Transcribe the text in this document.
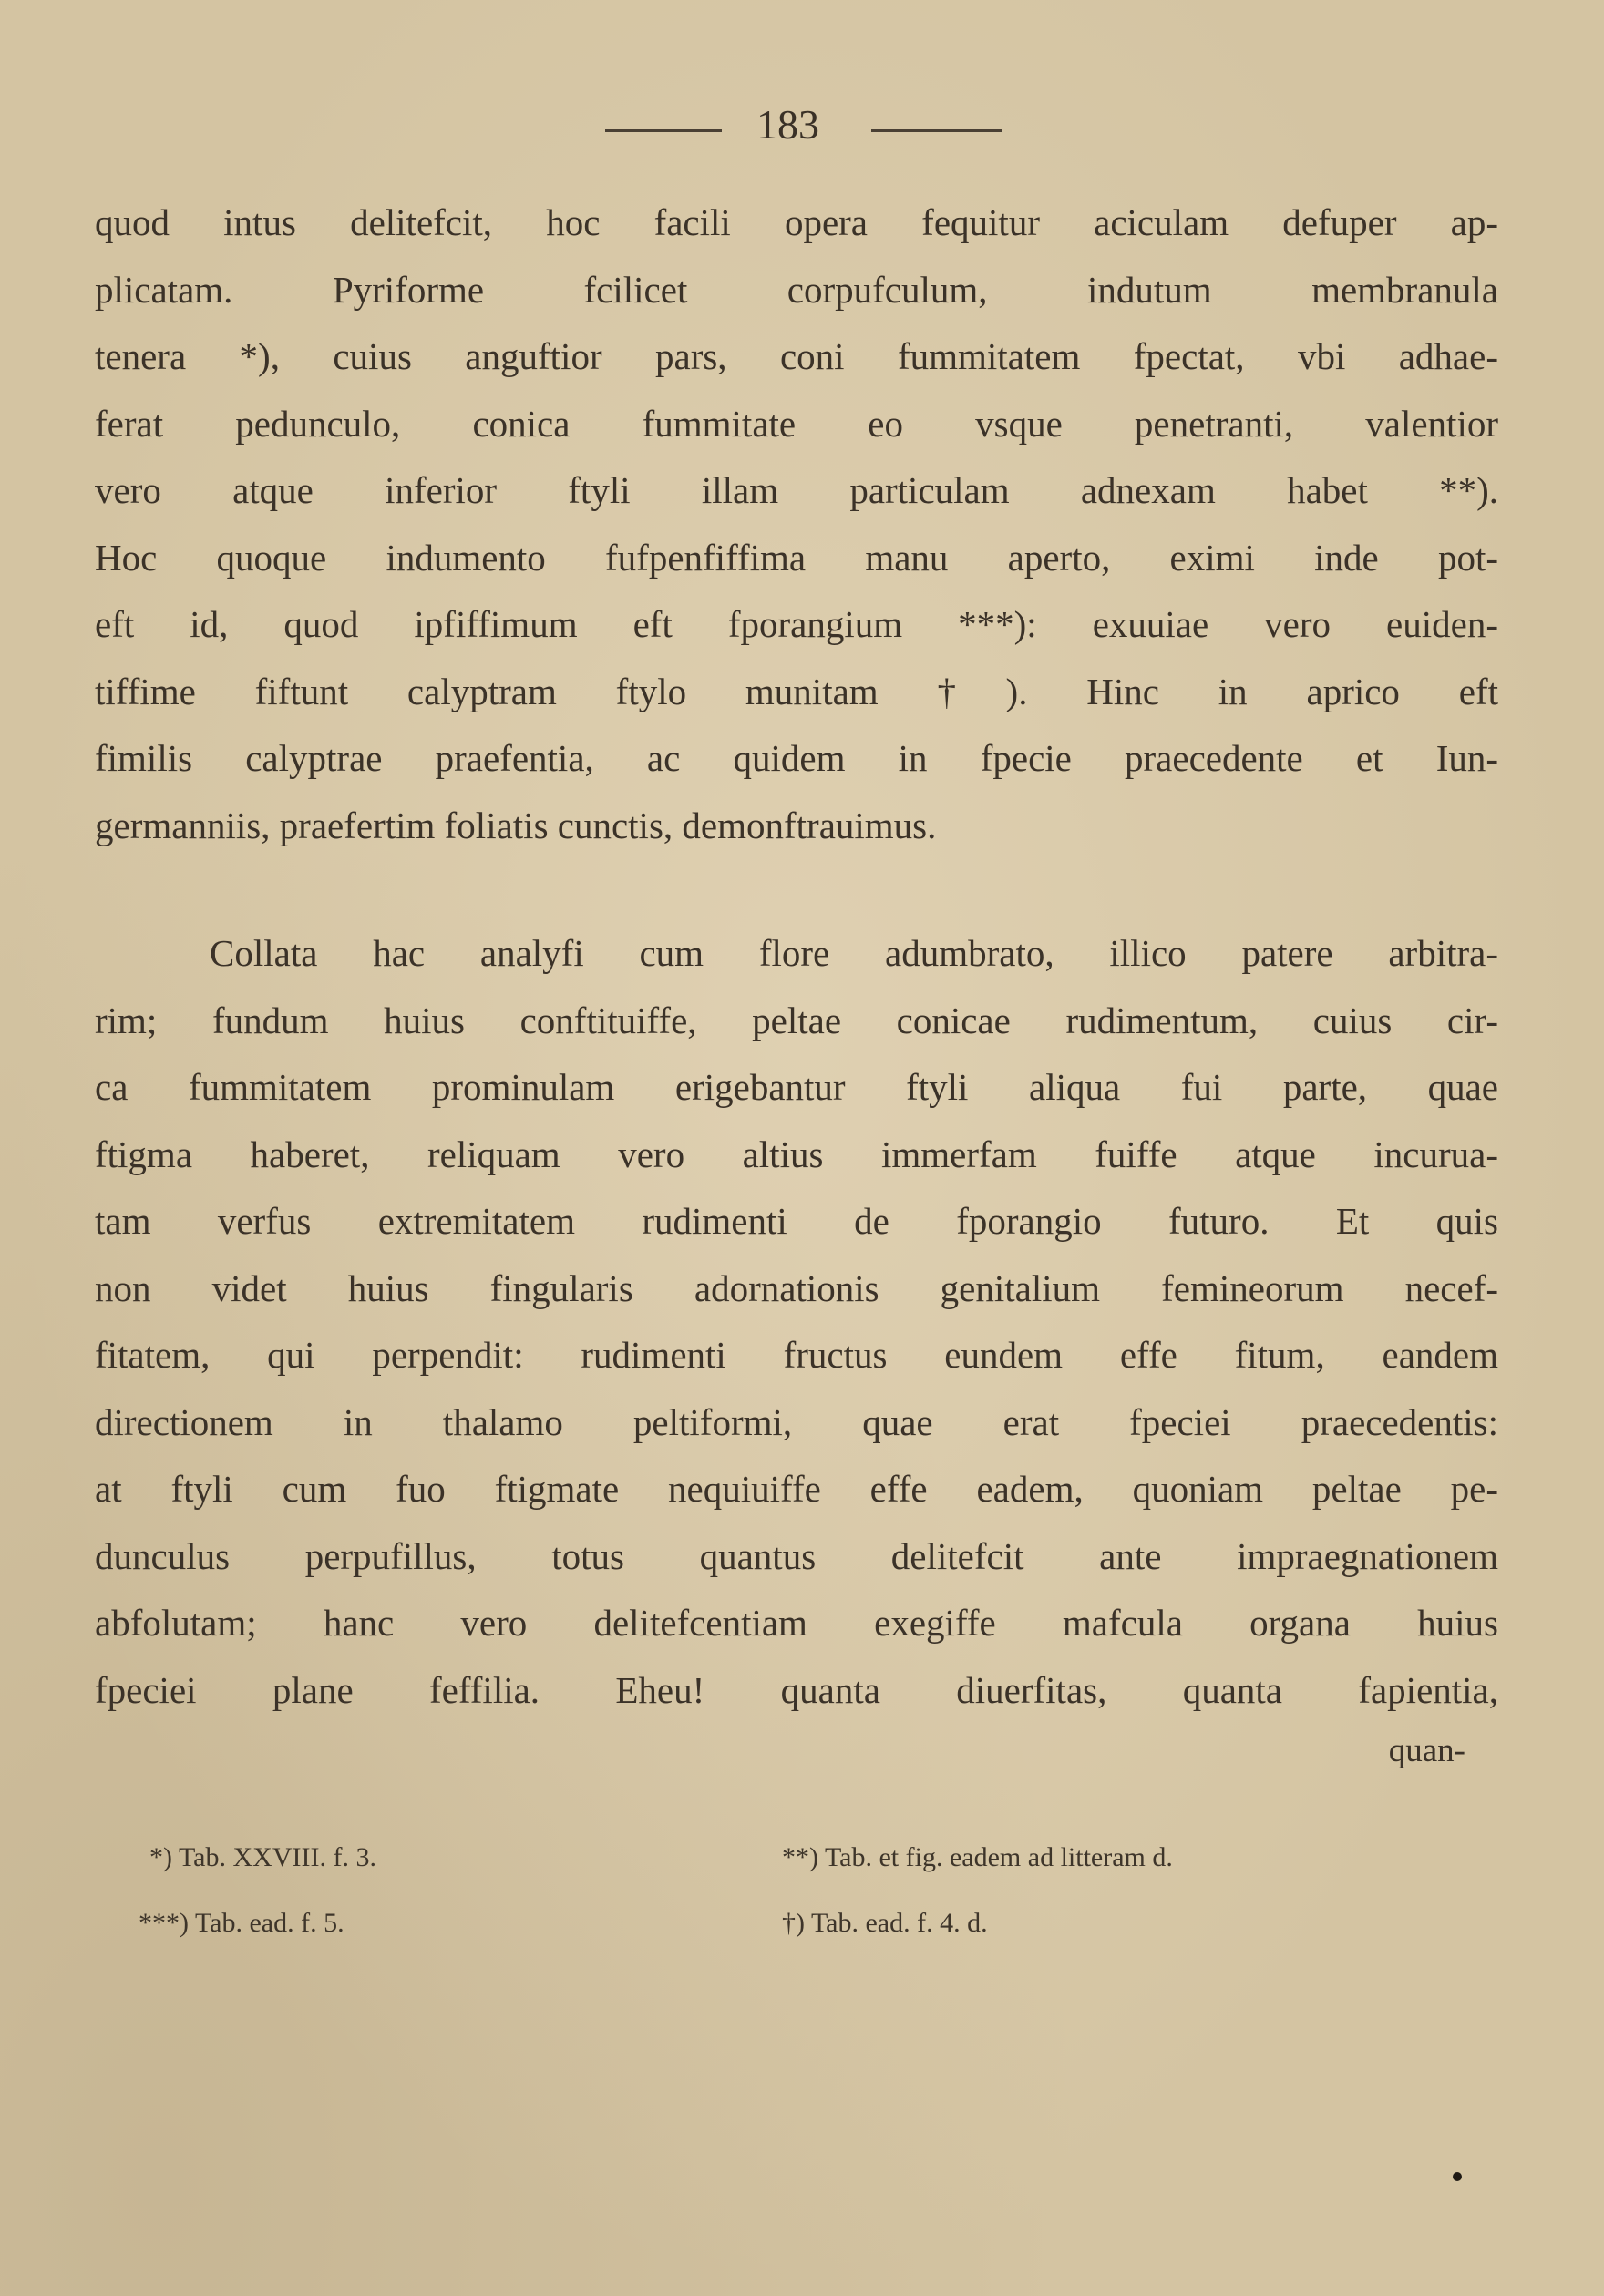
183
quod intus delitefcit, hoc facili opera fequitur aciculam defuper ap-
plicatam. Pyriforme fcilicet corpufculum, indutum membranula
tenera *), cuius anguftior pars, coni fummitatem fpectat, vbi adhae-
ferat pedunculo, conica fummitate eo vsque penetranti, valentior
vero atque inferior ftyli illam particulam adnexam habet **).
Hoc quoque indumento fufpenfiffima manu aperto, eximi inde pot-
eft id, quod ipfiffimum eft fporangium ***): exuuiae vero euiden-
tiffime fiftunt calyptram ftylo munitam †). Hinc in aprico eft
fimilis calyptrae praefentia, ac quidem in fpecie praecedente et Iun-
germanniis, praefertim foliatis cunctis, demonftrauimus.
Collata hac analyfi cum flore adumbrato, illico patere arbitra-
rim; fundum huius conftituiffe, peltae conicae rudimentum, cuius cir-
ca fummitatem prominulam erigebantur ftyli aliqua fui parte, quae
ftigma haberet, reliquam vero altius immerfam fuiffe atque incurua-
tam verfus extremitatem rudimenti de fporangio futuro. Et quis
non videt huius fingularis adornationis genitalium femineorum necef-
fitatem, qui perpendit: rudimenti fructus eundem effe fitum, eandem
directionem in thalamo peltiformi, quae erat fpeciei praecedentis:
at ftyli cum fuo ftigmate nequiuiffe effe eadem, quoniam peltae pe-
dunculus perpufillus, totus quantus delitefcit ante impraegnationem
abfolutam; hanc vero delitefcentiam exegiffe mafcula organa huius
fpeciei plane feffilia. Eheu! quanta diuerfitas, quanta fapientia,
quan-
*) Tab. XXVIII. f. 3.	**) Tab. et fig. eadem ad litteram d.
***) Tab. ead. f. 5.	†) Tab. ead. f. 4. d.
